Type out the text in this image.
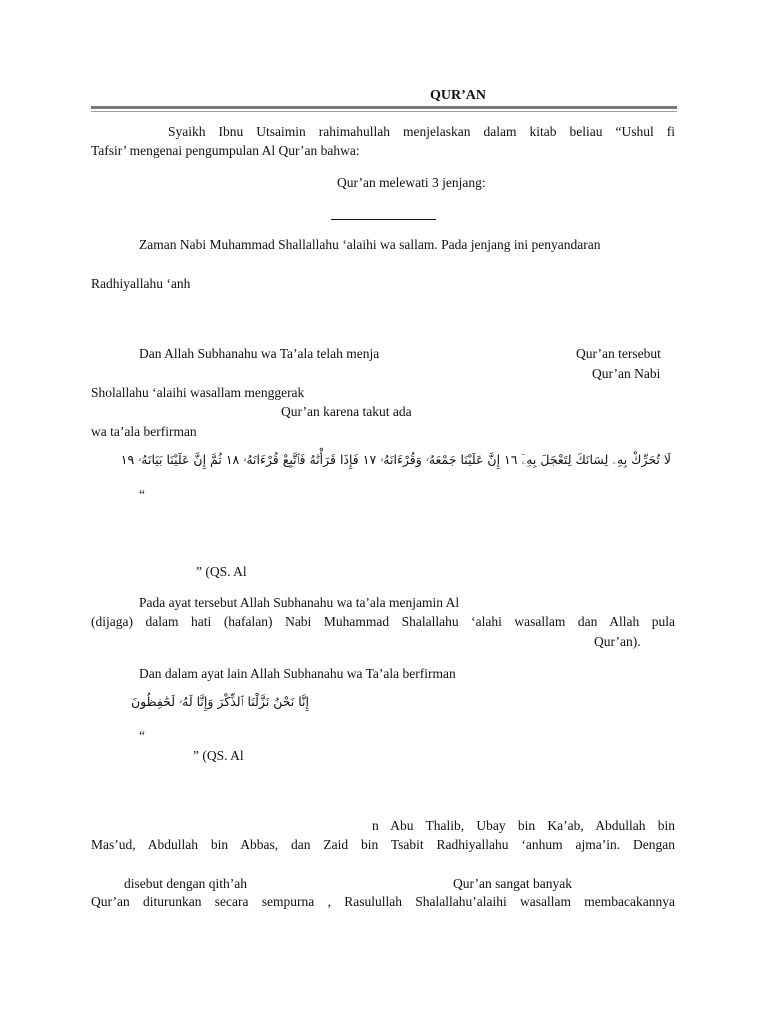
QUR’AN
Syaikh Ibnu Utsaimin rahimahullah menjelaskan dalam kitab beliau “Ushul fi
Tafsir’ mengenai pengumpulan Al Qur’an bahwa:
Qur’an melewati 3 jenjang:
Zaman Nabi Muhammad Shallallahu ‘alaihi wa sallam. Pada jenjang ini penyandaran
Radhiyallahu ‘anh
Dan Allah Subhanahu wa Ta’ala telah menja	Qur’an tersebut
Qur’an Nabi
Sholallahu ‘alaihi wasallam menggerak
Qur’an karena takut ada
wa ta’ala berfirman
لَا تُحَرِّكْ بِهِۦ لِسَانَكَ لِتَعْجَلَ بِهِۦٓ ١٦ إِنَّ عَلَيْنَا جَمْعَهُۥ وَقُرْءَانَهُۥ ١٧ فَإِذَا قَرَأْنَٰهُ فَٱتَّبِعْ قُرْءَانَهُۥ ١٨ ثُمَّ إِنَّ عَلَيْنَا بَيَانَهُۥ ١٩
“
” (QS. Al
Pada ayat tersebut Allah Subhanahu wa ta’ala menjamin Al
(dijaga) dalam hati (hafalan) Nabi Muhammad Shalallahu ‘alahi wasallam dan Allah pula
Qur’an).
Dan dalam ayat lain Allah Subhanahu wa Ta’ala berfirman
إِنَّا نَحْنُ نَزَّلْنَا ٱلذِّكْرَ وَإِنَّا لَهُۥ لَحَٰفِظُونَ
“
” (QS. Al
n Abu Thalib, Ubay bin Ka’ab, Abdullah bin
Mas’ud, Abdullah bin Abbas, dan Zaid bin Tsabit Radhiyallahu ‘anhum ajma’in. Dengan
disebut dengan qith’ah	Qur’an sangat banyak
Qur’an diturunkan secara sempurna , Rasulullah Shalallahu’alaihi wasallam membacakannya
